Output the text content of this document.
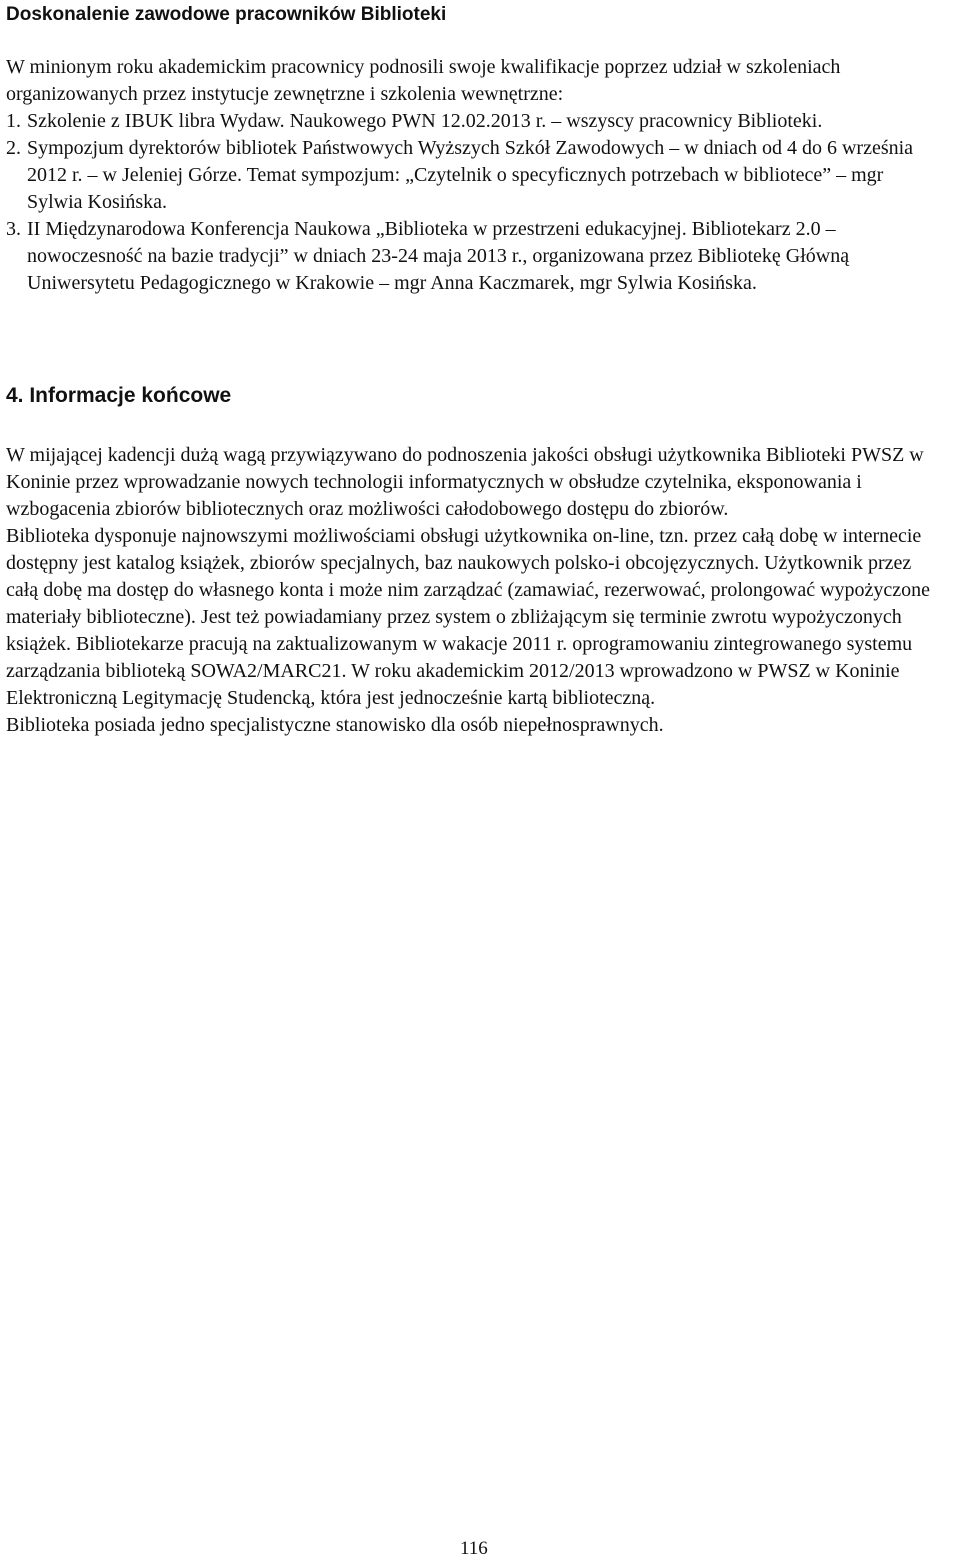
Doskonalenie zawodowe pracowników Biblioteki

W minionym roku akademickim pracownicy podnosili swoje kwalifikacje poprzez udział w szkoleniach organizowanych przez instytucje zewnętrzne i szkolenia wewnętrzne:

1. Szkolenie z IBUK libra Wydaw. Naukowego PWN 12.02.2013 r. – wszyscy pracownicy Biblioteki.
2. Sympozjum dyrektorów bibliotek Państwowych Wyższych Szkół Zawodowych – w dniach od 4 do 6 września 2012 r. – w Jeleniej Górze. Temat sympozjum: „Czytelnik o specyficznych potrzebach w bibliotece” – mgr Sylwia Kosińska.
3. II Międzynarodowa Konferencja Naukowa „Biblioteka w przestrzeni edukacyjnej. Bibliotekarz 2.0 – nowoczesność na bazie tradycji” w dniach 23-24 maja 2013 r., organizowana przez Bibliotekę Główną Uniwersytetu Pedagogicznego w Krakowie – mgr Anna Kaczmarek, mgr Sylwia Kosińska.
4. Informacje końcowe

W mijającej kadencji dużą wagą przywiązywano do podnoszenia jakości obsługi użytkownika Biblioteki PWSZ w Koninie przez wprowadzanie nowych technologii informatycznych w obsłudze czytelnika, eksponowania i wzbogacenia zbiorów bibliotecznych oraz możliwości całodobowego dostępu do zbiorów.

Biblioteka dysponuje najnowszymi możliwościami obsługi użytkownika on-line, tzn. przez całą dobę w internecie dostępny jest katalog książek, zbiorów specjalnych, baz naukowych polsko-i obcojęzycznych. Użytkownik przez całą dobę ma dostęp do własnego konta i może nim zarządzać (zamawiać, rezerwować, prolongować wypożyczone materiały biblioteczne). Jest też powiadamiany przez system o zbliżającym się terminie zwrotu wypożyczonych książek. Bibliotekarze pracują na zaktualizowanym w wakacje 2011 r. oprogramowaniu zintegrowanego systemu zarządzania biblioteką SOWA2/MARC21. W roku akademickim 2012/2013 wprowadzono w PWSZ w Koninie Elektroniczną Legitymację Studencką, która jest jednocześnie kartą biblioteczną.

Biblioteka posiada jedno specjalistyczne stanowisko dla osób niepełnosprawnych.

116
